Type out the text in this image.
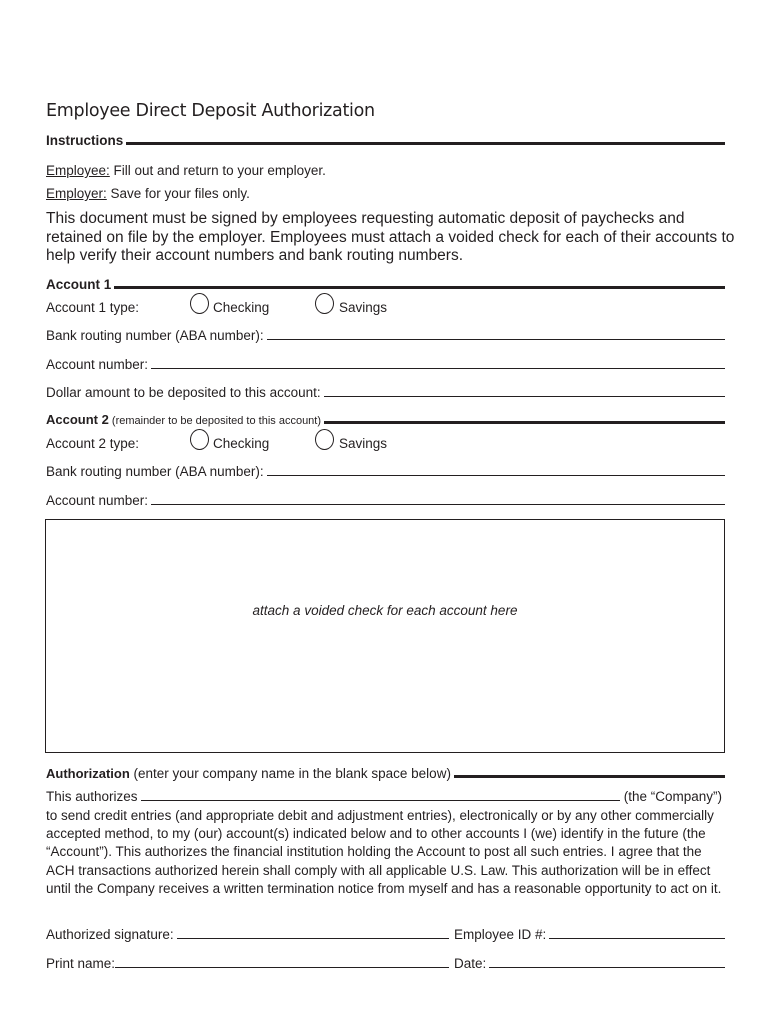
Employee Direct Deposit Authorization
Instructions
Employee: Fill out and return to your employer.
Employer: Save for your files only.
This document must be signed by employees requesting automatic deposit of paychecks and retained on file by the employer. Employees must attach a voided check for each of their accounts to help verify their account numbers and bank routing numbers.
Account 1
Account 1 type:	Checking	Savings
Bank routing number (ABA number):
Account number:
Dollar amount to be deposited to this account:
Account 2 (remainder to be deposited to this account)
Account 2 type:	Checking	Savings
Bank routing number (ABA number):
Account number:
attach a voided check for each account here
Authorization (enter your company name in the blank space below)
This authorizes	(the “Company”)
to send credit entries (and appropriate debit and adjustment entries), electronically or by any other commercially accepted method, to my (our) account(s) indicated below and to other accounts I (we) identify in the future (the “Account”). This authorizes the financial institution holding the Account to post all such entries. I agree that the ACH transactions authorized herein shall comply with all applicable U.S. Law. This authorization will be in effect until the Company receives a written termination notice from myself and has a reasonable opportunity to act on it.
Authorized signature:	Employee ID #:
Print name:	Date:
